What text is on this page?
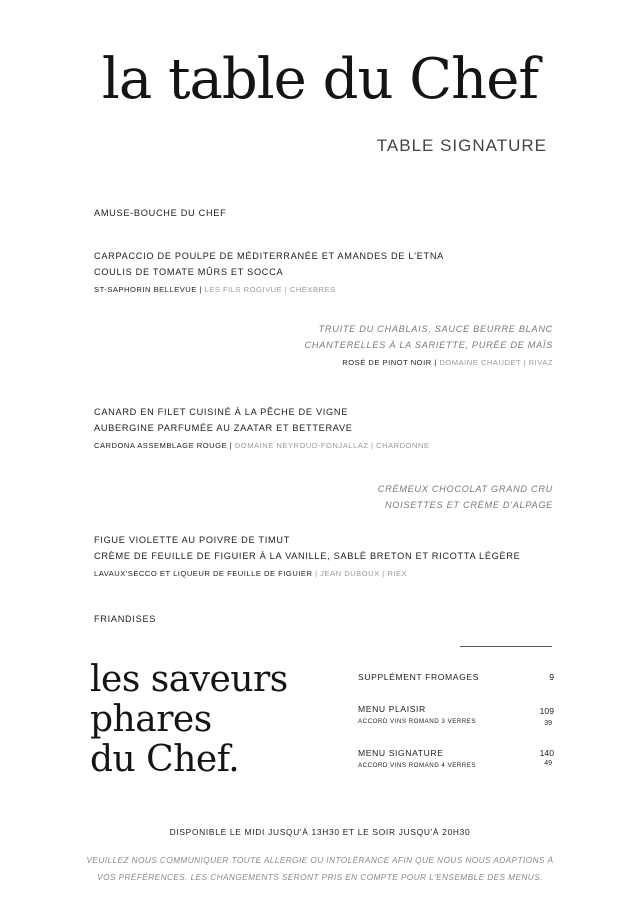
la table du Chef
TABLE SIGNATURE
AMUSE-BOUCHE DU CHEF
CARPACCIO DE POULPE DE MÉDITERRANÉE ET AMANDES DE L'ETNA
COULIS DE TOMATE MÛRS ET SOCCA
ST-SAPHORIN BELLEVUE | LES FILS ROGIVUE | CHEXBRES
TRUITE DU CHABLAIS, SAUCE BEURRE BLANC
CHANTERELLES À LA SARIETTE, PURÉE DE MAÏS
ROSÉ DE PINOT NOIR | DOMAINE CHAUDET | RIVAZ
CANARD EN FILET CUISINÉ À LA PÊCHE DE VIGNE
AUBERGINE PARFUMÉE AU ZAATAR ET BETTERAVE
CARDONA ASSEMBLAGE ROUGE | DOMAINE NEYROUD-FONJALLAZ | CHARDONNE
CRÉMEUX CHOCOLAT GRAND CRU
NOISETTES ET CRÈME D'ALPAGE
FIGUE VIOLETTE AU POIVRE DE TIMUT
CRÈME DE FEUILLE DE FIGUIER À LA VANILLE, SABLÉ BRETON ET RICOTTA LÉGÈRE
LAVAUX'SECCO ET LIQUEUR DE FEUILLE DE FIGUIER | JEAN DUBOUX | RIEX
FRIANDISES
les saveurs
phares
du Chef.
SUPPLÉMENT FROMAGES	9
MENU PLAISIR
ACCORD VINS ROMAND 3 VERRES
109
39
MENU SIGNATURE
ACCORD VINS ROMAND 4 VERRES
140
49
DISPONIBLE LE MIDI JUSQU'À 13H30 ET LE SOIR JUSQU'À 20H30
VEUILLEZ NOUS COMMUNIQUER TOUTE ALLERGIE OU INTOLÉRANCE AFIN QUE NOUS NOUS ADAPTIONS À
VOS PRÉFÉRENCES. LES CHANGEMENTS SERONT PRIS EN COMPTE POUR L'ENSEMBLE DES MENUS.
